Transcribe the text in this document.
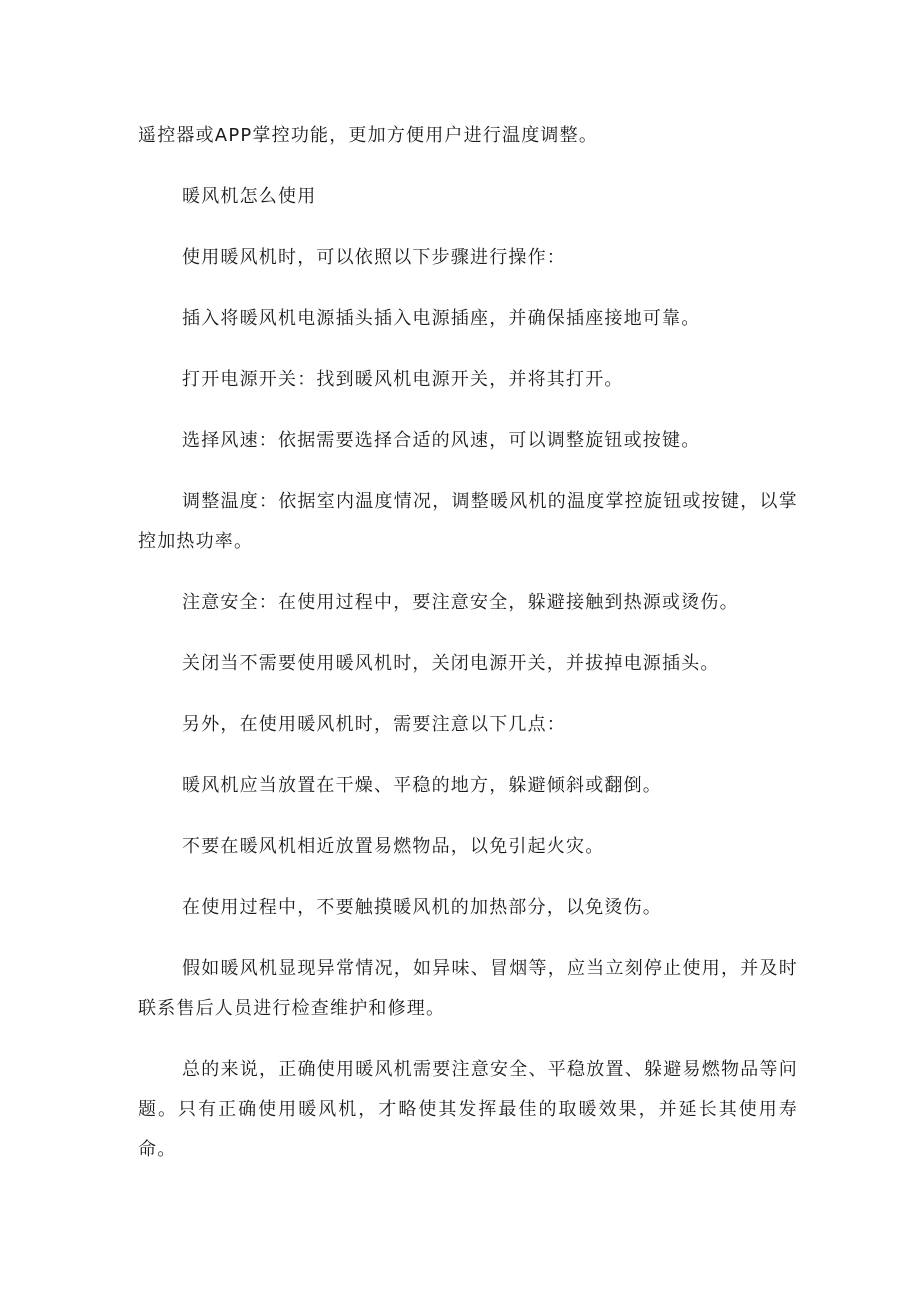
遥控器或APP掌控功能，更加方便用户进行温度调整。

暖风机怎么使用

使用暖风机时，可以依照以下步骤进行操作：

插入将暖风机电源插头插入电源插座，并确保插座接地可靠。

打开电源开关：找到暖风机电源开关，并将其打开。

选择风速：依据需要选择合适的风速，可以调整旋钮或按键。

调整温度：依据室内温度情况，调整暖风机的温度掌控旋钮或按键，以掌控加热功率。

注意安全：在使用过程中，要注意安全，躲避接触到热源或烫伤。

关闭当不需要使用暖风机时，关闭电源开关，并拔掉电源插头。

另外，在使用暖风机时，需要注意以下几点：

暖风机应当放置在干燥、平稳的地方，躲避倾斜或翻倒。

不要在暖风机相近放置易燃物品，以免引起火灾。

在使用过程中，不要触摸暖风机的加热部分，以免烫伤。

假如暖风机显现异常情况，如异味、冒烟等，应当立刻停止使用，并及时联系售后人员进行检查维护和修理。

总的来说，正确使用暖风机需要注意安全、平稳放置、躲避易燃物品等问题。只有正确使用暖风机，才略使其发挥最佳的取暖效果，并延长其使用寿命。
